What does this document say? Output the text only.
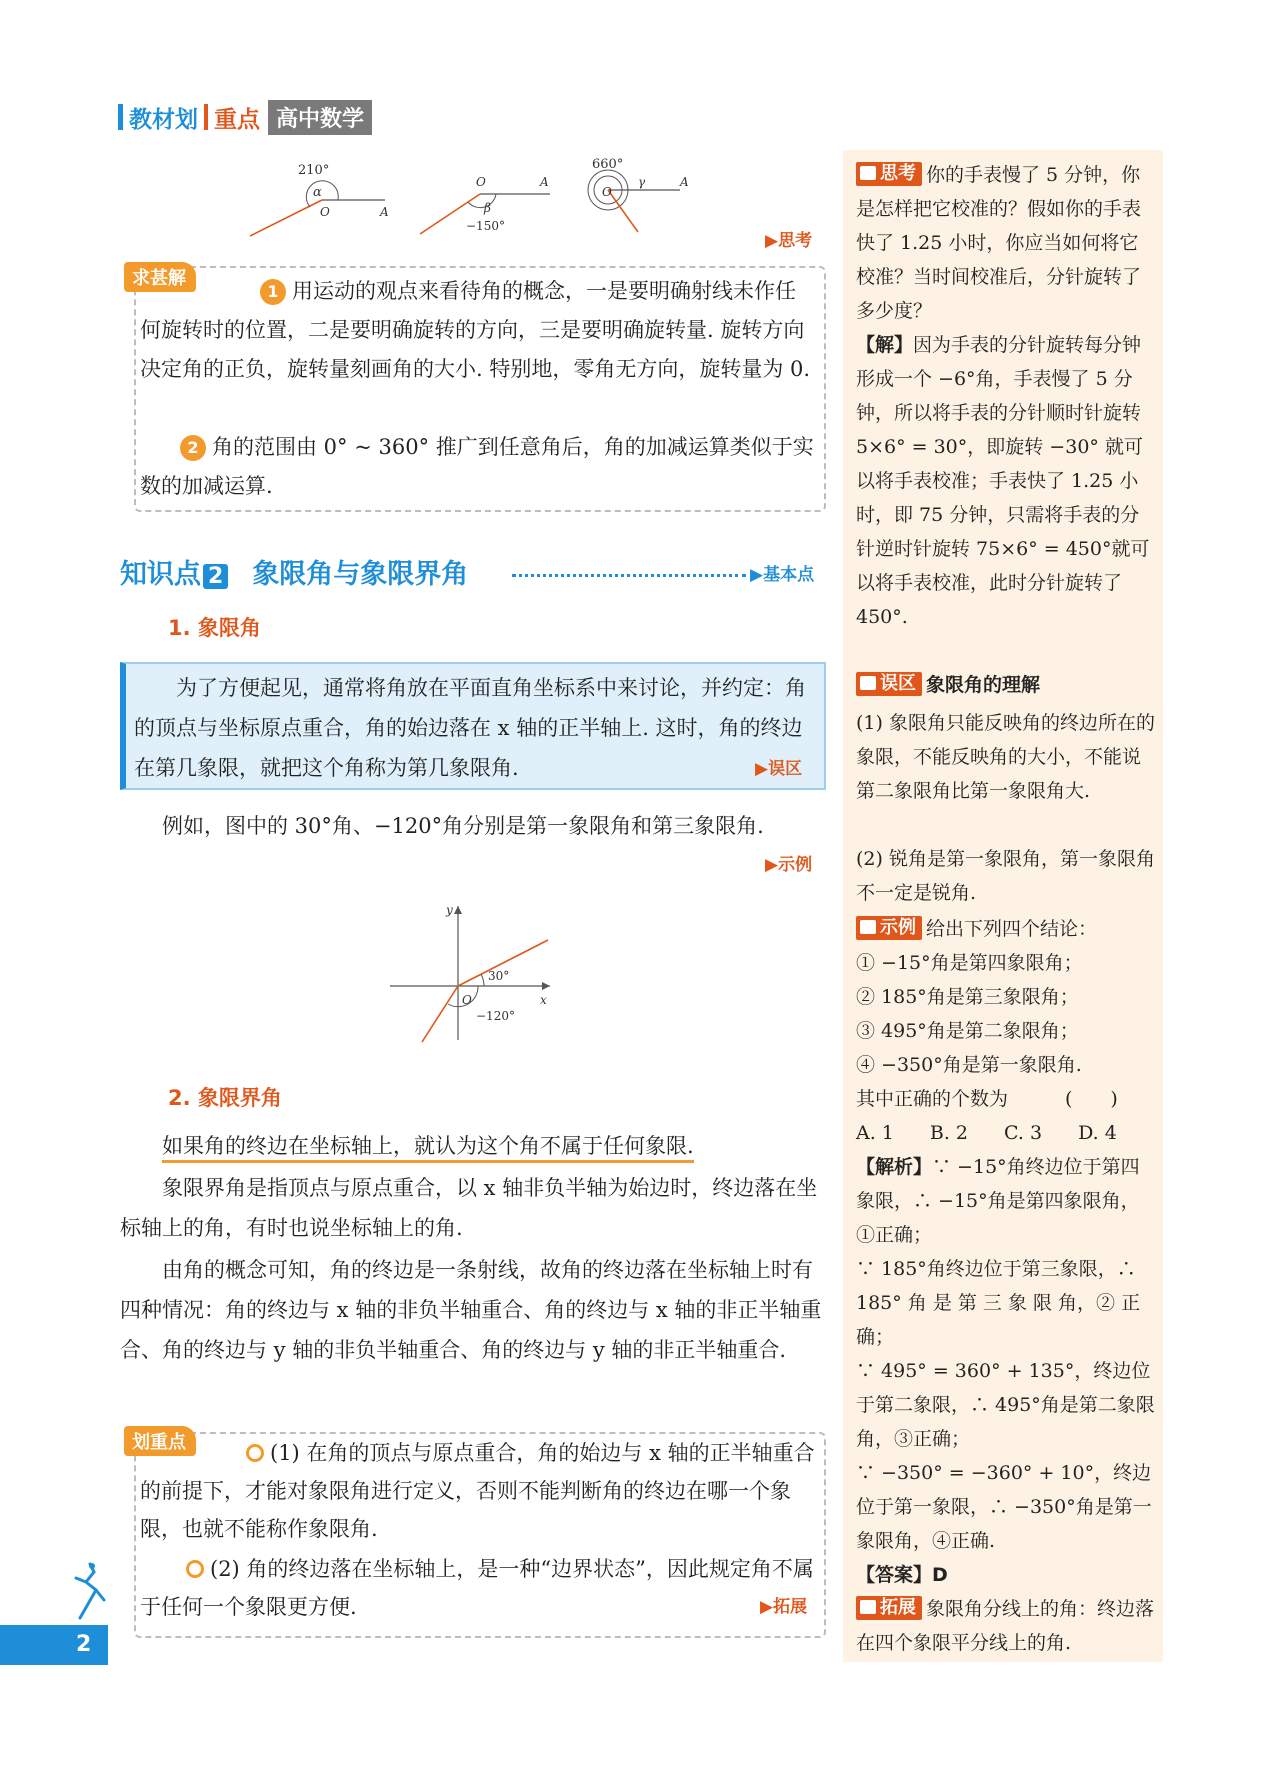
教材划 重点 高中数学
210°
α
O	A
O	A
β
−150°
660°
O
γ	A
▶思考
求甚解
1 用运动的观点来看待角的概念，一是要明确射线未作任何旋转时的位置，二是要明确旋转的方向，三是要明确旋转量. 旋转方向决定角的正负，旋转量刻画角的大小. 特别地，零角无方向，旋转量为 0.
2 角的范围由 0° ~ 360° 推广到任意角后，角的加减运算类似于实数的加减运算.
知识点 2 象限角与象限界角	▶基本点
1. 象限角
为了方便起见，通常将角放在平面直角坐标系中来讨论，并约定：角的顶点与坐标原点重合，角的始边落在 x 轴的正半轴上. 这时，角的终边在第几象限，就把这个角称为第几象限角.	▶误区
例如，图中的 30°角、−120°角分别是第一象限角和第三象限角.
▶示例
y
x
O
30°
−120°
2. 象限界角
如果角的终边在坐标轴上，就认为这个角不属于任何象限.
象限界角是指顶点与原点重合，以 x 轴非负半轴为始边时，终边落在坐标轴上的角，有时也说坐标轴上的角.
由角的概念可知，角的终边是一条射线，故角的终边落在坐标轴上时有四种情况：角的终边与 x 轴的非负半轴重合、角的终边与 x 轴的非正半轴重合、角的终边与 y 轴的非负半轴重合、角的终边与 y 轴的非正半轴重合.
划重点	(1) 在角的顶点与原点重合，角的始边与 x 轴的正半轴重合的前提下，才能对象限角进行定义，否则不能判断角的终边在哪一个象限，也就不能称作象限角.
(2) 角的终边落在坐标轴上，是一种“边界状态”，因此规定角不属于任何一个象限更方便.	▶拓展
2
思考 你的手表慢了 5 分钟，你是怎样把它校准的？假如你的手表快了 1.25 小时，你应当如何将它校准？当时间校准后，分针旋转了多少度？
【解】因为手表的分针旋转每分钟形成一个 −6°角，手表慢了 5 分钟，所以将手表的分针顺时针旋转 5×6° = 30°，即旋转 −30° 就可以将手表校准；手表快了 1.25 小时，即 75 分钟，只需将手表的分针逆时针旋转 75×6° = 450°就可以将手表校准，此时分针旋转了 450°.
误区 象限角的理解
(1) 象限角只能反映角的终边所在的象限，不能反映角的大小，不能说第二象限角比第一象限角大.
(2) 锐角是第一象限角，第一象限角不一定是锐角.
示例 给出下列四个结论：
① −15°角是第四象限角；
② 185°角是第三象限角；
③ 495°角是第二象限角；
④ −350°角是第一象限角.
其中正确的个数为　　　(　　)
A. 1 B. 2 C. 3 D. 4
【解析】∵ −15°角终边位于第四象限，∴ −15°角是第四象限角，①正确；
∵ 185°角终边位于第三象限，∴ 185° 角 是 第 三 象 限 角，② 正确；
∵ 495° = 360° + 135°，终边位于第二象限，∴ 495°角是第二象限角，③正确；
∵ −350° = −360° + 10°，终边位于第一象限，∴ −350°角是第一象限角，④正确.
【答案】D
拓展 象限角分线上的角：终边落在四个象限平分线上的角.
